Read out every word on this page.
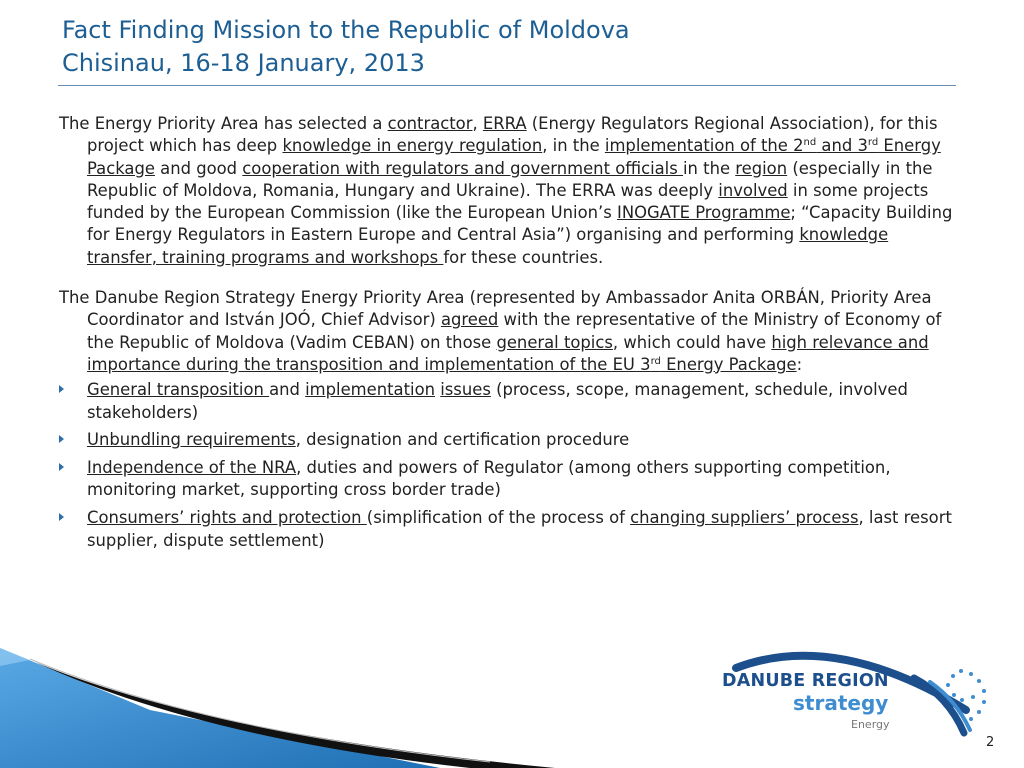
Fact Finding Mission to the Republic of Moldova
Chisinau, 16-18 January, 2013

The Energy Priority Area has selected a contractor, ERRA (Energy Regulators Regional Association), for this project which has deep knowledge in energy regulation, in the implementation of the 2nd and 3rd Energy Package and good cooperation with regulators and government officials in the region (especially in the Republic of Moldova, Romania, Hungary and Ukraine). The ERRA was deeply involved in some projects funded by the European Commission (like the European Union’s INOGATE Programme; “Capacity Building for Energy Regulators in Eastern Europe and Central Asia”) organising and performing knowledge transfer, training programs and workshops for these countries.

The Danube Region Strategy Energy Priority Area (represented by Ambassador Anita ORBÁN, Priority Area Coordinator and István JOÓ, Chief Advisor) agreed with the representative of the Ministry of Economy of the Republic of Moldova (Vadim CEBAN) on those general topics, which could have high relevance and importance during the transposition and implementation of the EU 3rd Energy Package:

General transposition and implementation issues (process, scope, management, schedule, involved stakeholders)
Unbundling requirements, designation and certification procedure
Independence of the NRA, duties and powers of Regulator (among others supporting competition, monitoring market, supporting cross border trade)
Consumers’ rights and protection (simplification of the process of changing suppliers’ process, last resort supplier, dispute settlement)
DANUBE REGION
strategy
Energy
2
